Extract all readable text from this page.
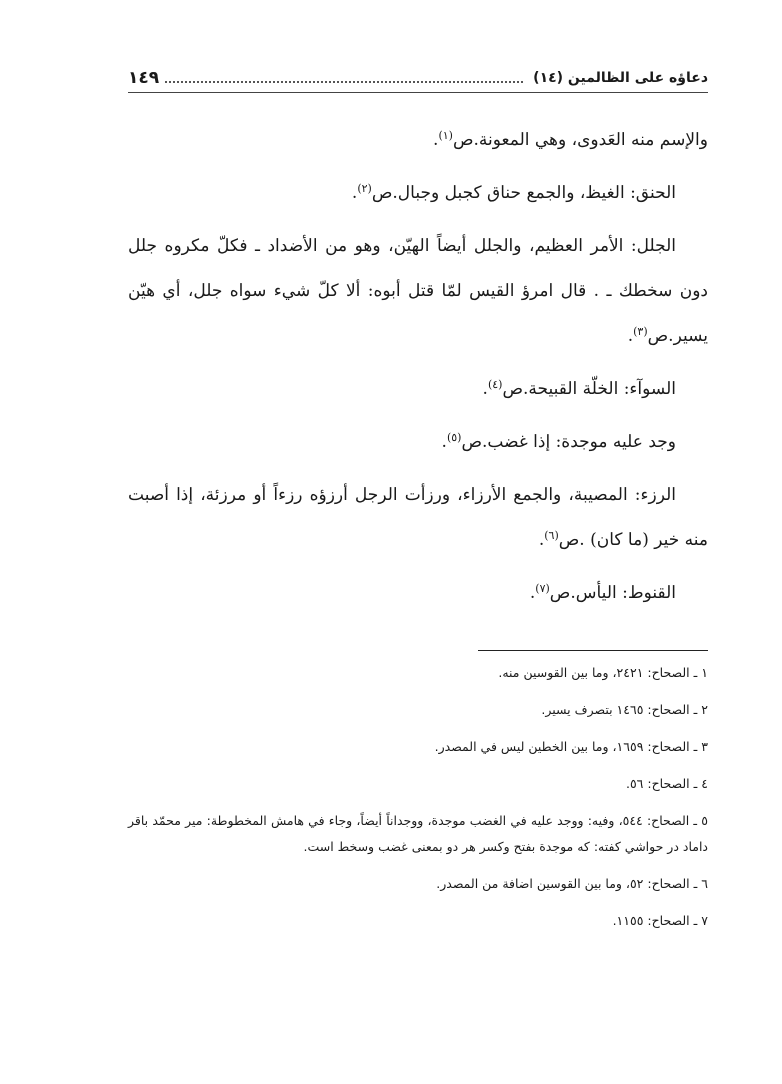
دعاؤه على الظالمين (١٤)
١٤٩

والإسم منه العَدوى، وهي المعونة.ص$^{(١)}$.

الحنق: الغيظ، والجمع حناق كجبل وجبال.ص$^{(٢)}$.

الجلل: الأمر العظيم، والجلل أيضاً الهيّن، وهو من الأضداد ـ فكلّ مكروه جلل دون سخطك ـ . قال امرؤ القيس لمّا قتل أبوه: ألا كلّ شيء سواه جلل، أي هيّن يسير.ص$^{(٣)}$.

السوآء: الخلّة القبيحة.ص$^{(٤)}$.

وجد عليه موجدة: إذا غضب.ص$^{(٥)}$.

الرزء: المصيبة، والجمع الأرزاء، ورزأت الرجل أرزؤه رزءاً أو مرزئة، إذا أصبت منه خير (ما كان) .ص$^{(٦)}$.

القنوط: اليأس.ص$^{(٧)}$.

١ ـ الصحاح: ٢٤٢١، وما بين القوسين منه.

٢ ـ الصحاح: ١٤٦٥ بتصرف يسير.

٣ ـ الصحاح: ١٦٥٩، وما بين الخطين ليس في المصدر.

٤ ـ الصحاح: ٥٦.

٥ ـ الصحاح: ٥٤٤، وفيه: ووجد عليه في الغضب موجدة، ووجداناً أيضاً، وجاء في هامش المخطوطة: مير محمّد باقر داماد در حواشي كفته: كه موجدة بفتح وكسر هر دو بمعنى غضب وسخط است.

٦ ـ الصحاح: ٥٢، وما بين القوسين اضافة من المصدر.

٧ ـ الصحاح: ١١٥٥.
